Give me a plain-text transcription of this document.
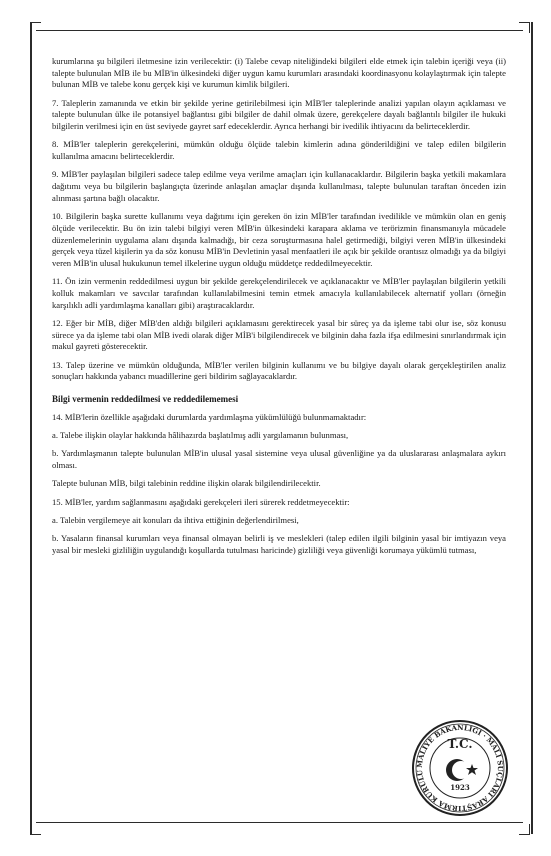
kurumlarına şu bilgileri iletmesine izin verilecektir: (i) Talebe cevap niteliğindeki bilgileri elde etmek için talebin içeriği veya (ii) talepte bulunulan MİB ile bu MİB'in ülkesindeki diğer uygun kamu kurumları arasındaki koordinasyonu kolaylaştırmak için talepte bulunan MİB ve talebe konu gerçek kişi ve kurumun kimlik bilgileri.

7. Taleplerin zamanında ve etkin bir şekilde yerine getirilebilmesi için MİB'ler taleplerinde analizi yapılan olayın açıklaması ve talepte bulunulan ülke ile potansiyel bağlantısı gibi bilgiler de dahil olmak üzere, gerekçelere dayalı bağlantılı bilgiler ile hukuki bilgilerin verilmesi için en üst seviyede gayret sarf edeceklerdir. Ayrıca herhangi bir ivedilik ihtiyacını da belirteceklerdir.

8. MİB'ler taleplerin gerekçelerini, mümkün olduğu ölçüde talebin kimlerin adına gönderildiğini ve talep edilen bilgilerin kullanılma amacını belirteceklerdir.

9. MİB'ler paylaşılan bilgileri sadece talep edilme veya verilme amaçları için kullanacaklardır. Bilgilerin başka yetkili makamlara dağıtımı veya bu bilgilerin başlangıçta üzerinde anlaşılan amaçlar dışında kullanılması, talepte bulunulan taraftan önceden izin alınması şartına bağlı olacaktır.

10. Bilgilerin başka surette kullanımı veya dağıtımı için gereken ön izin MİB'ler tarafından ivedilikle ve mümkün olan en geniş ölçüde verilecektir. Bu ön izin talebi bilgiyi veren MİB'in ülkesindeki karapara aklama ve terörizmin finansmanıyla mücadele düzenlemelerinin uygulama alanı dışında kalmadığı, bir ceza soruşturmasına halel getirmediği, bilgiyi veren MİB'in ülkesindeki gerçek veya tüzel kişilerin ya da söz konusu MİB'in Devletinin yasal menfaatleri ile açık bir şekilde orantısız olmadığı ya da bilgiyi veren MİB'in ulusal hukukunun temel ilkelerine uygun olduğu müddetçe reddedilmeyecektir.

11. Ön izin vermenin reddedilmesi uygun bir şekilde gerekçelendirilecek ve açıklanacaktır ve MİB'ler paylaşılan bilgilerin yetkili kolluk makamları ve savcılar tarafından kullanılabilmesini temin etmek amacıyla kullanılabilecek alternatif yolları (örneğin karşılıklı adli yardımlaşma kanalları gibi) araştıracaklardır.

12. Eğer bir MİB, diğer MİB'den aldığı bilgileri açıklamasını gerektirecek yasal bir süreç ya da işleme tabi olur ise, söz konusu sürece ya da işleme tabi olan MİB ivedi olarak diğer MİB'i bilgilendirecek ve bilginin daha fazla ifşa edilmesini sınırlandırmak için makul gayreti gösterecektir.

13. Talep üzerine ve mümkün olduğunda, MİB'ler verilen bilginin kullanımı ve bu bilgiye dayalı olarak gerçekleştirilen analiz sonuçları hakkında yabancı muadillerine geri bildirim sağlayacaklardır.

Bilgi vermenin reddedilmesi ve reddedilememesi

14. MİB'lerin özellikle aşağıdaki durumlarda yardımlaşma yükümlülüğü bulunmamaktadır:

a. Talebe ilişkin olaylar hakkında hâlihazırda başlatılmış adli yargılamanın bulunması,

b. Yardımlaşmanın talepte bulunulan MİB'in ulusal yasal sistemine veya ulusal güvenliğine ya da uluslararası anlaşmalara aykırı olması.

Talepte bulunan MİB, bilgi talebinin reddine ilişkin olarak bilgilendirilecektir.

15. MİB'ler, yardım sağlanmasını aşağıdaki gerekçeleri ileri sürerek reddetmeyecektir:

a. Talebin vergilemeye ait konuları da ihtiva ettiğinin değerlendirilmesi,

b. Yasaların finansal kurumları veya finansal olmayan belirli iş ve meslekleri (talep edilen ilgili bilginin yasal bir imtiyazın veya yasal bir mesleki gizliliğin uygulandığı koşullarda tutulması haricinde) gizliliği veya güvenliği korumaya yükümlü tutması,

MALİYE BAKANLIĞI · MALİ SUÇLARI ARAŞTIRMA KURULU
T.C.
1923
